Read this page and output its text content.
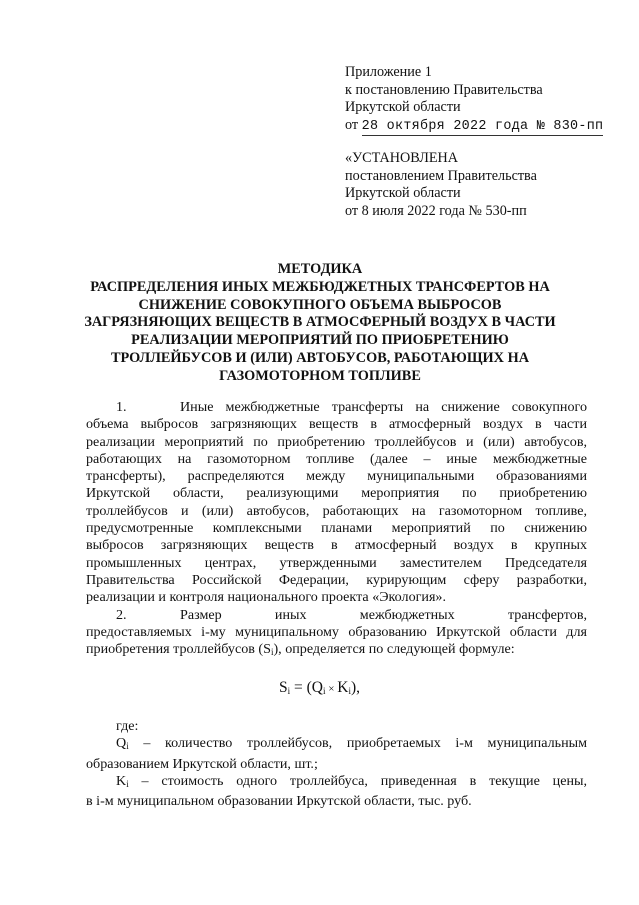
Приложение 1
к постановлению Правительства
Иркутской области
от 28 октября 2022 года № 830-пп
«УСТАНОВЛЕНА
постановлением Правительства
Иркутской области
от 8 июля 2022 года № 530-пп
МЕТОДИКА
РАСПРЕДЕЛЕНИЯ ИНЫХ МЕЖБЮДЖЕТНЫХ ТРАНСФЕРТОВ НА
СНИЖЕНИЕ СОВОКУПНОГО ОБЪЕМА ВЫБРОСОВ
ЗАГРЯЗНЯЮЩИХ ВЕЩЕСТВ В АТМОСФЕРНЫЙ ВОЗДУХ В ЧАСТИ
РЕАЛИЗАЦИИ МЕРОПРИЯТИЙ ПО ПРИОБРЕТЕНИЮ
ТРОЛЛЕЙБУСОВ И (ИЛИ) АВТОБУСОВ, РАБОТАЮЩИХ НА
ГАЗОМОТОРНОМ ТОПЛИВЕ
1.	Иные межбюджетные трансферты на снижение совокупного
объема выбросов загрязняющих веществ в атмосферный воздух в части
реализации мероприятий по приобретению троллейбусов и (или) автобусов,
работающих на газомоторном топливе (далее – иные межбюджетные
трансферты), распределяются между муниципальными образованиями
Иркутской области, реализующими мероприятия по приобретению
троллейбусов и (или) автобусов, работающих на газомоторном топливе,
предусмотренные комплексными планами мероприятий по снижению
выбросов загрязняющих веществ в атмосферный воздух в крупных
промышленных центрах, утвержденными заместителем Председателя
Правительства Российской Федерации, курирующим сферу разработки,
реализации и контроля национального проекта «Экология».
2.	Размер иных межбюджетных трансфертов,
предоставляемых i-му муниципальному образованию Иркутской области для
приобретения троллейбусов $(S_i)$, определяется по следующей формуле:
$S_i = (Q_i \times K_i)$,
где:
$Q_i$ – количество троллейбусов, приобретаемых i-м муниципальным
образованием Иркутской области, шт.;
$K_i$ – стоимость одного троллейбуса, приведенная в текущие цены,
в i-м муниципальном образовании Иркутской области, тыс. руб.
